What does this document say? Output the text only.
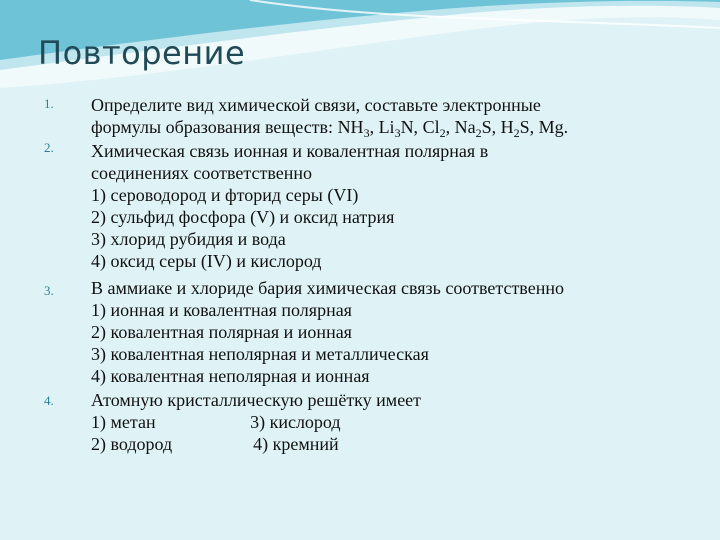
Повторение
1.
2.
3.
4.
Определите вид химической связи, составьте электронные
формулы образования веществ: $NH_3$, $Li_3N$, $Cl_2$, $Na_2S$, $H_2S$, Mg.
Химическая связь ионная и ковалентная полярная в
соединениях соответственно
1) сероводород и фторид серы (VI)
2) сульфид фосфора (V) и оксид натрия
3) хлорид рубидия и вода
4) оксид серы (IV) и кислород
В аммиаке и хлориде бария химическая связь соответственно
1) ионная и ковалентная полярная
2) ковалентная полярная и ионная
3) ковалентная неполярная и металлическая
4) ковалентная неполярная и ионная
Атомную кристаллическую решётку имеет
1) метан                     3) кислород
2) водород                  4) кремний
